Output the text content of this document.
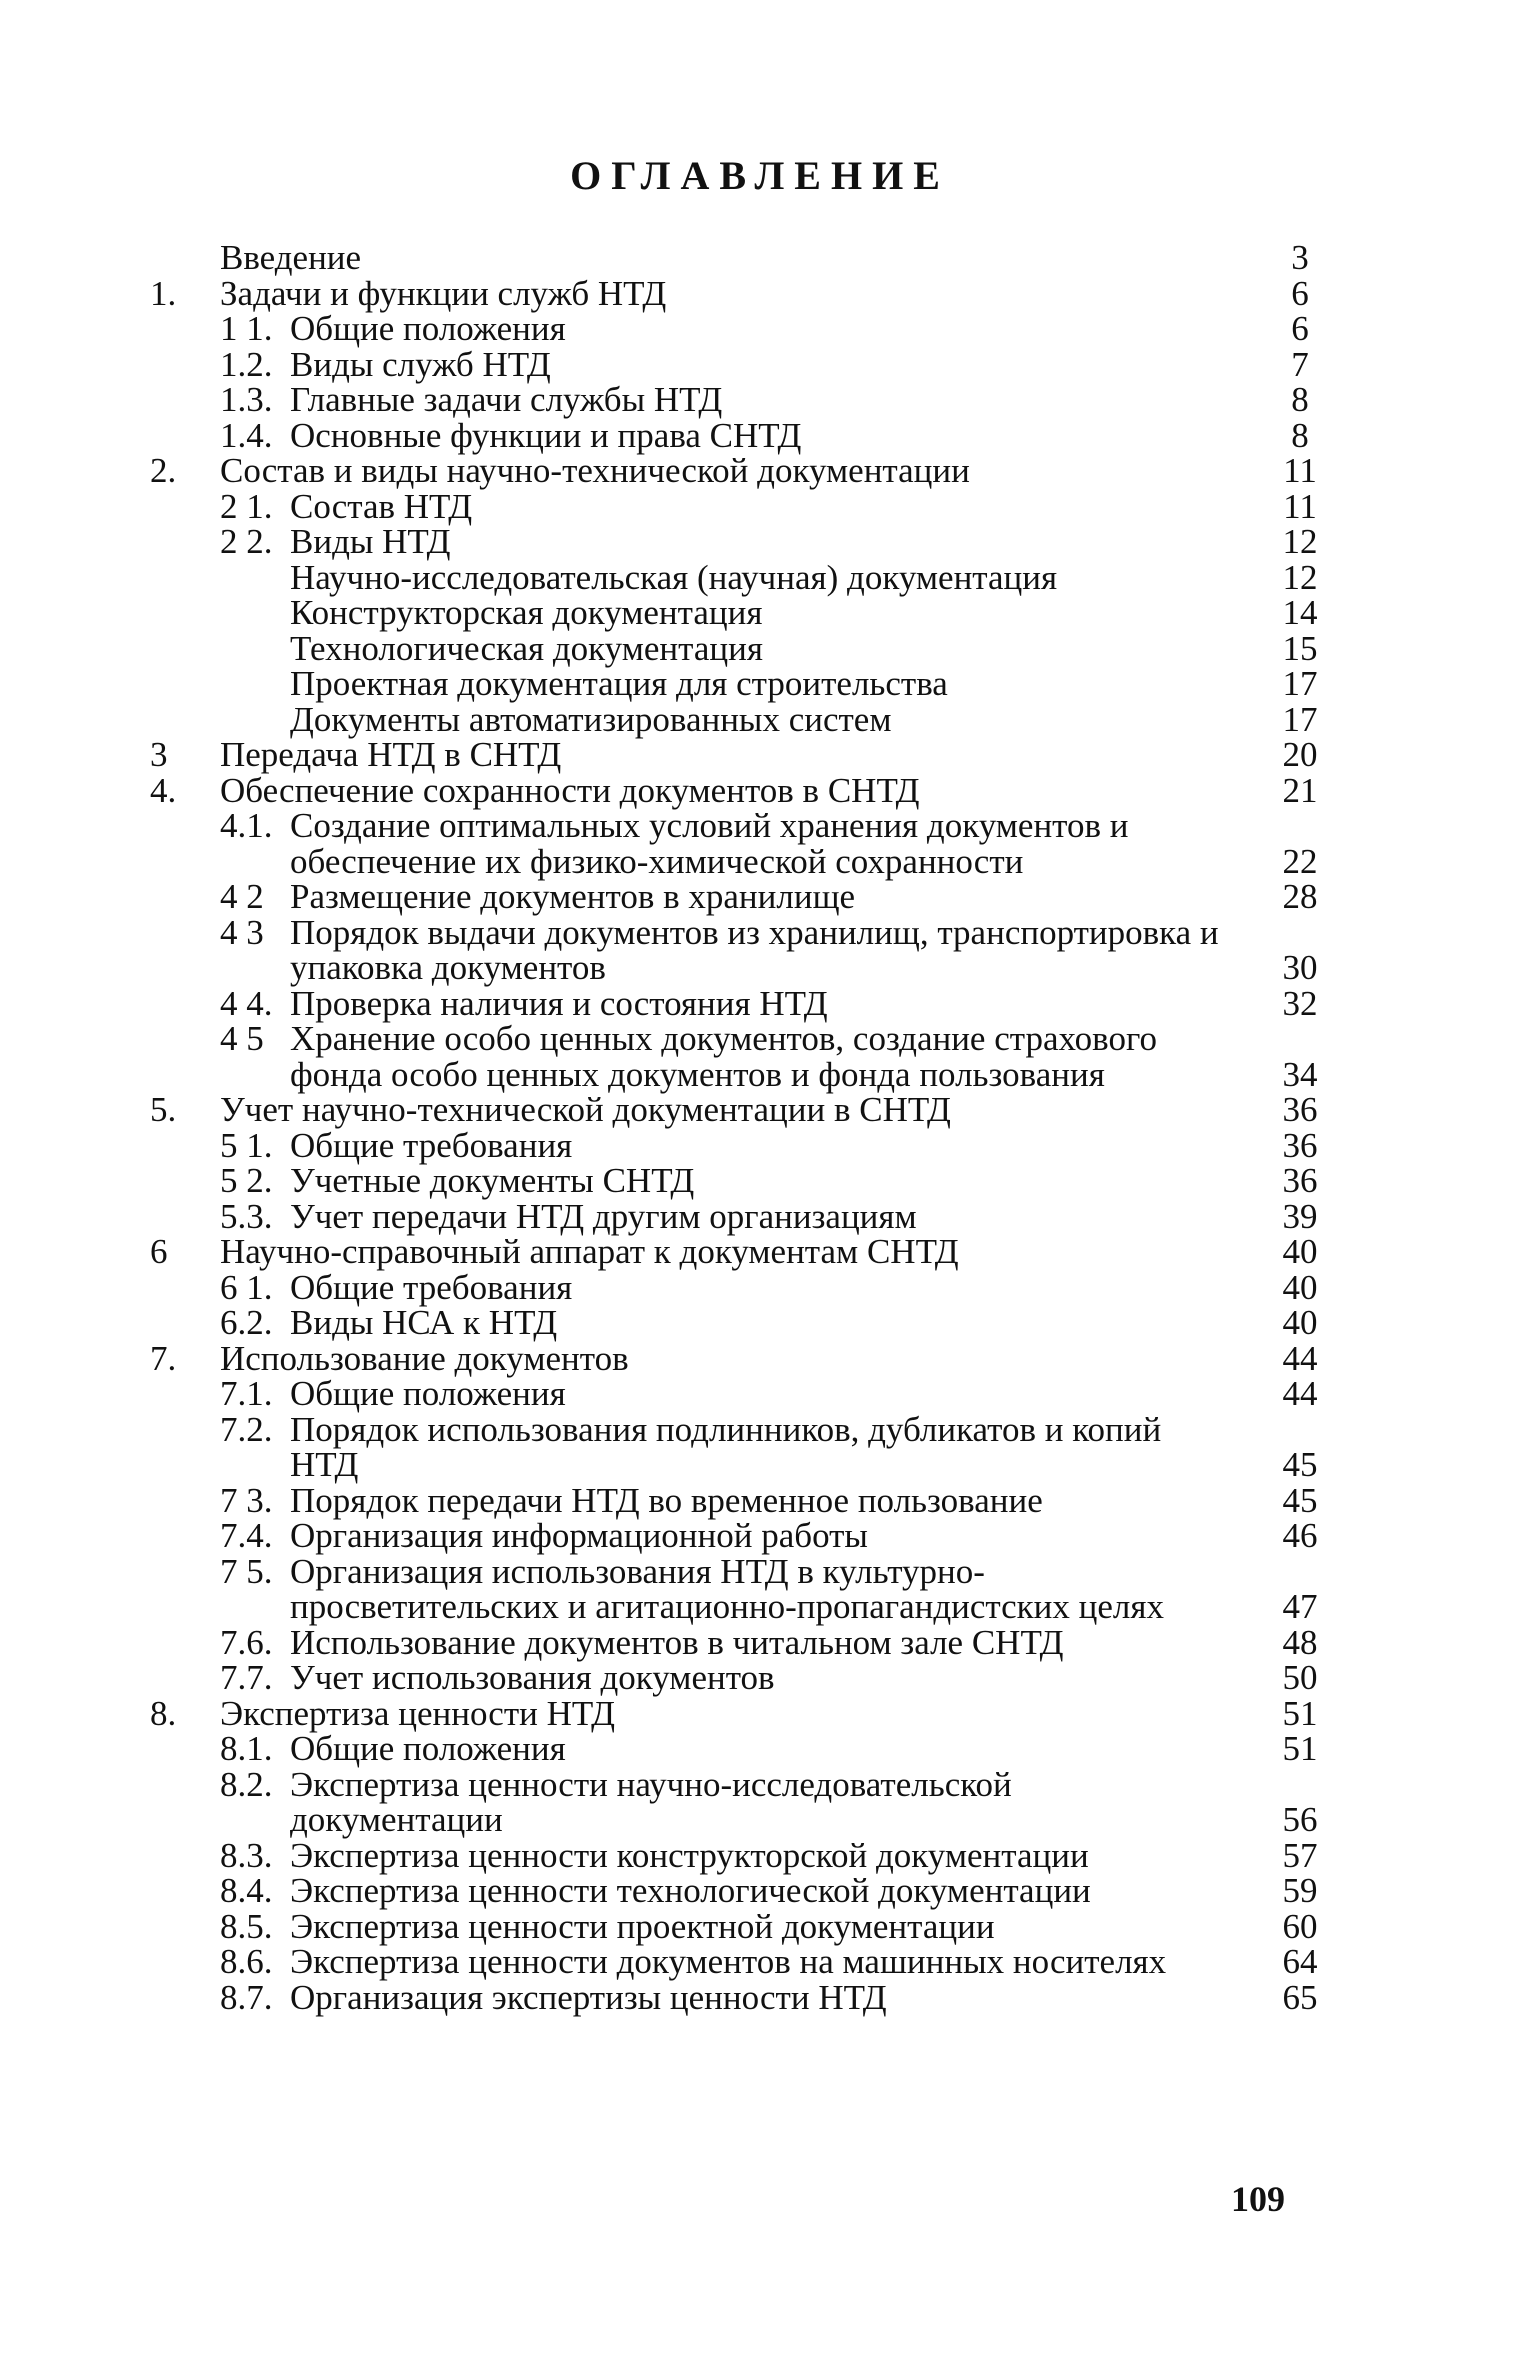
ОГЛАВЛЕНИЕ
Введение	3
1. Задачи и функции служб НТД	6
1 1. Общие положения	6
1.2. Виды служб НТД	7
1.3. Главные задачи службы НТД	8
1.4. Основные функции и права СНТД	8
2. Состав и виды научно-технической документации	11
2 1. Состав НТД	11
2 2. Виды НТД	12
Научно-исследовательская (научная) документация	12
Конструкторская документация	14
Технологическая документация	15
Проектная документация для строительства	17
Документы автоматизированных систем	17
3 Передача НТД в СНТД	20
4. Обеспечение сохранности документов в СНТД	21
4.1. Создание оптимальных условий хранения документов и обеспечение их физико-химической сохранности	22
4 2 Размещение документов в хранилище	28
4 3 Порядок выдачи документов из хранилищ, транспортировка и упаковка документов	30
4 4. Проверка наличия и состояния НТД	32
4 5 Хранение особо ценных документов, создание страхового фонда особо ценных документов и фонда пользования	34
5. Учет научно-технической документации в СНТД	36
5 1. Общие требования	36
5 2. Учетные документы СНТД	36
5.3. Учет передачи НТД другим организациям	39
6 Научно-справочный аппарат к документам СНТД	40
6 1. Общие требования	40
6.2. Виды НСА к НТД	40
7. Использование документов	44
7.1. Общие положения	44
7.2. Порядок использования подлинников, дубликатов и копий НТД	45
7 3. Порядок передачи НТД во временное пользование	45
7.4. Организация информационной работы	46
7 5. Организация использования НТД в культурно-просветительских и агитационно-пропагандистских целях	47
7.6. Использование документов в читальном зале СНТД	48
7.7. Учет использования документов	50
8. Экспертиза ценности НТД	51
8.1. Общие положения	51
8.2. Экспертиза ценности научно-исследовательской документации	56
8.3. Экспертиза ценности конструкторской документации	57
8.4. Экспертиза ценности технологической документации	59
8.5. Экспертиза ценности проектной документации	60
8.6. Экспертиза ценности документов на машинных носителях	64
8.7. Организация экспертизы ценности НТД	65
109
